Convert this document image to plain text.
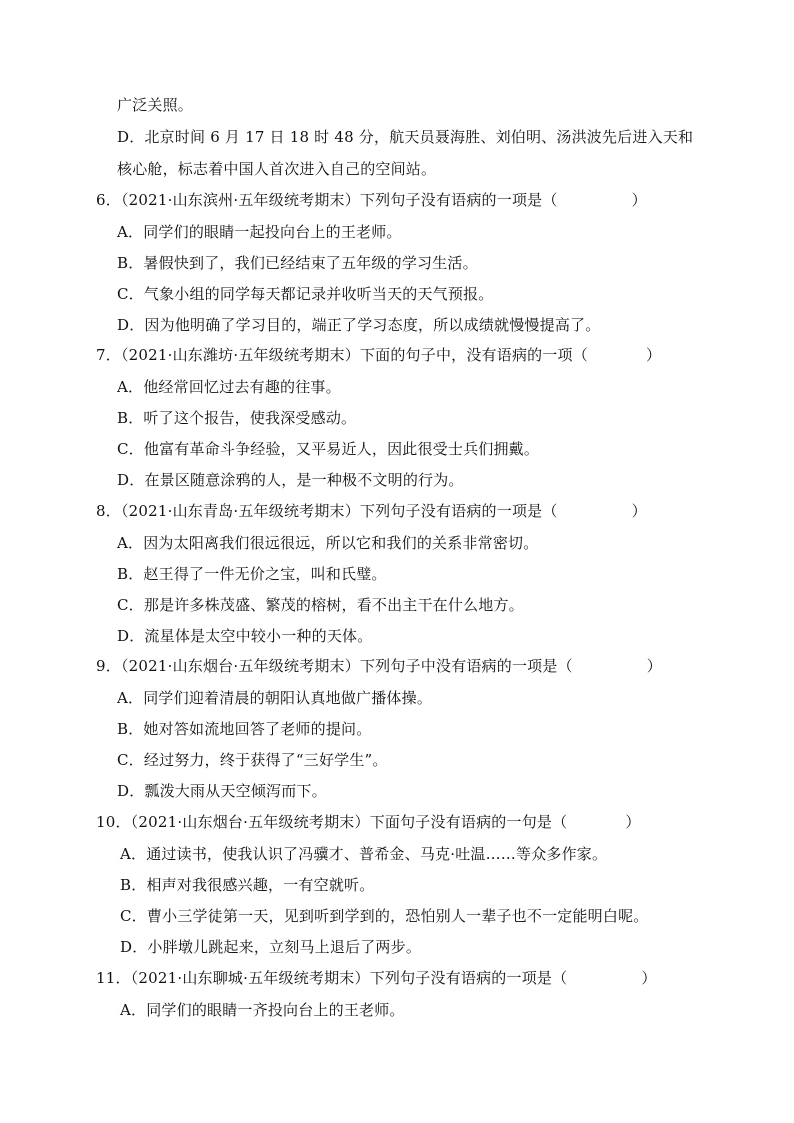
广泛关照。
D．北京时间 6 月 17 日 18 时 48 分，航天员聂海胜、刘伯明、汤洪波先后进入天和
核心舱，标志着中国人首次进入自己的空间站。
6．（2021·山东滨州·五年级统考期末）下列句子没有语病的一项是（	）
A．同学们的眼睛一起投向台上的王老师。
B．暑假快到了，我们已经结束了五年级的学习生活。
C．气象小组的同学每天都记录并收听当天的天气预报。
D．因为他明确了学习目的，端正了学习态度，所以成绩就慢慢提高了。
7．（2021·山东潍坊·五年级统考期末）下面的句子中，没有语病的一项（	）
A．他经常回忆过去有趣的往事。
B．听了这个报告，使我深受感动。
C．他富有革命斗争经验，又平易近人，因此很受士兵们拥戴。
D．在景区随意涂鸦的人，是一种极不文明的行为。
8．（2021·山东青岛·五年级统考期末）下列句子没有语病的一项是（	）
A．因为太阳离我们很远很远，所以它和我们的关系非常密切。
B．赵王得了一件无价之宝，叫和氏璧。
C．那是许多株茂盛、繁茂的榕树，看不出主干在什么地方。
D．流星体是太空中较小一种的天体。
9．（2021·山东烟台·五年级统考期末）下列句子中没有语病的一项是（	）
A．同学们迎着清晨的朝阳认真地做广播体操。
B．她对答如流地回答了老师的提问。
C．经过努力，终于获得了“三好学生”。
D．瓢泼大雨从天空倾泻而下。
10．（2021·山东烟台·五年级统考期末）下面句子没有语病的一句是（	）
A．通过读书，使我认识了冯骥才、普希金、马克·吐温……等众多作家。
B．相声对我很感兴趣，一有空就听。
C．曹小三学徒第一天，见到听到学到的，恐怕别人一辈子也不一定能明白呢。
D．小胖墩儿跳起来，立刻马上退后了两步。
11．（2021·山东聊城·五年级统考期末）下列句子没有语病的一项是（	）
A．同学们的眼睛一齐投向台上的王老师。
